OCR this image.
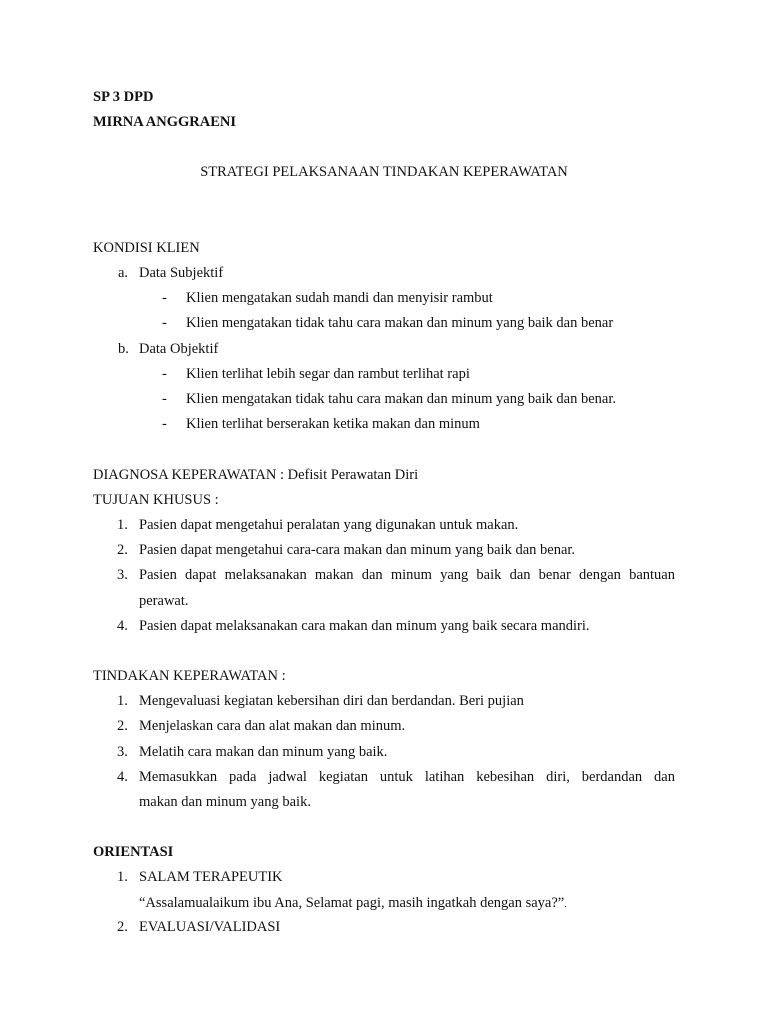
SP 3 DPD
MIRNA ANGGRAENI
STRATEGI PELAKSANAAN TINDAKAN KEPERAWATAN
KONDISI KLIEN
a. Data Subjektif
- Klien mengatakan sudah mandi dan menyisir rambut
- Klien mengatakan tidak tahu cara makan dan minum yang baik dan benar
b. Data Objektif
- Klien terlihat lebih segar dan rambut terlihat rapi
- Klien mengatakan tidak tahu cara makan dan minum yang baik dan benar.
- Klien terlihat berserakan ketika makan dan minum
DIAGNOSA KEPERAWATAN : Defisit Perawatan Diri
TUJUAN KHUSUS :
1. Pasien dapat mengetahui peralatan yang digunakan untuk makan.
2. Pasien dapat mengetahui cara-cara makan dan minum yang baik dan benar.
3. Pasien dapat melaksanakan makan dan minum yang baik dan benar dengan bantuan
perawat.
4. Pasien dapat melaksanakan cara makan dan minum yang baik secara mandiri.
TINDAKAN KEPERAWATAN :
1. Mengevaluasi kegiatan kebersihan diri dan berdandan. Beri pujian
2. Menjelaskan cara dan alat makan dan minum.
3. Melatih cara makan dan minum yang baik.
4. Memasukkan pada jadwal kegiatan untuk latihan kebesihan diri, berdandan dan
makan dan minum yang baik.
ORIENTASI
1. SALAM TERAPEUTIK
“Assalamualaikum ibu Ana, Selamat pagi, masih ingatkah dengan saya?”.
2. EVALUASI/VALIDASI
